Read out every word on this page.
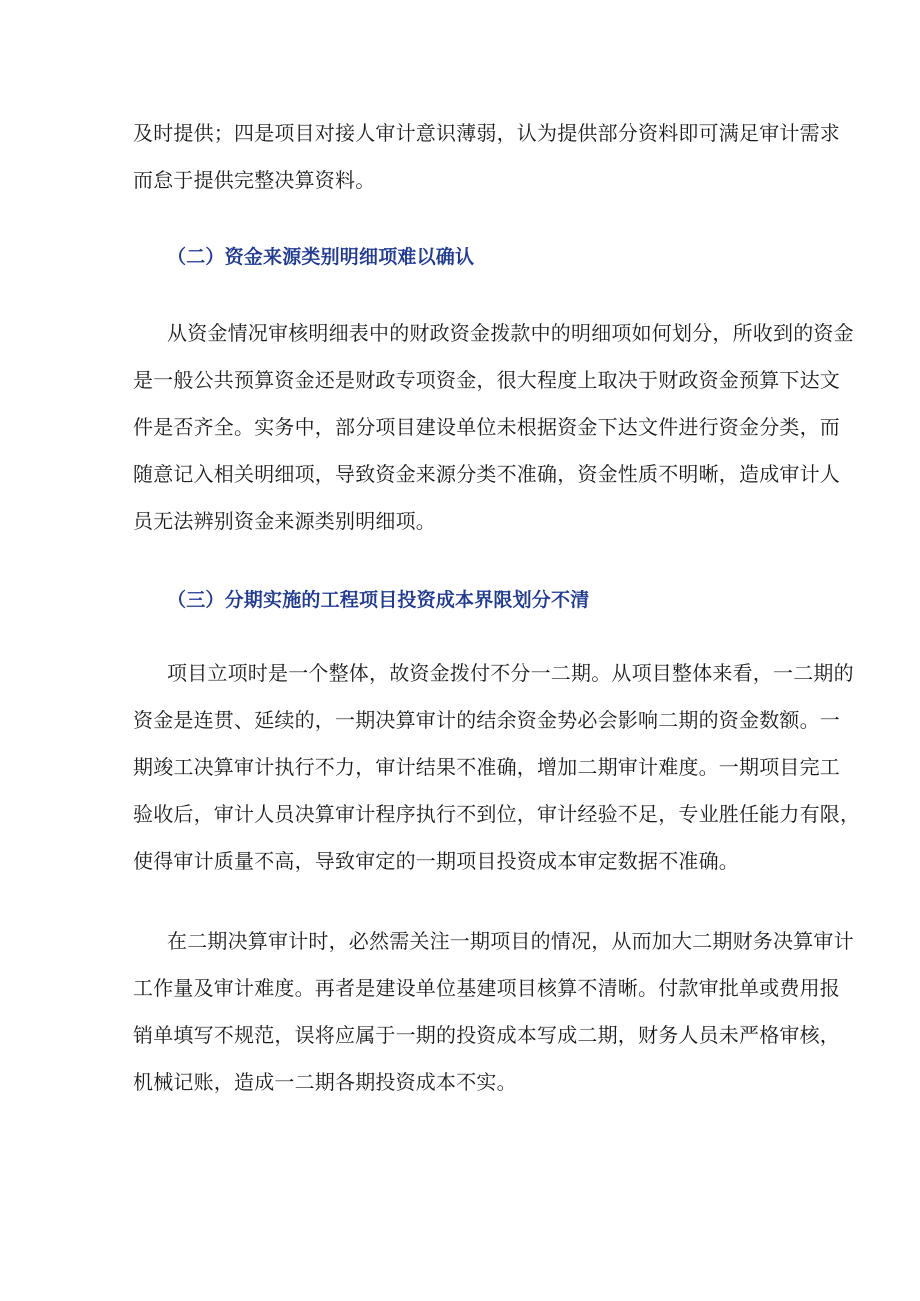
及时提供；四是项目对接人审计意识薄弱，认为提供部分资料即可满足审计需求
而怠于提供完整决算资料。
（二）资金来源类别明细项难以确认
从资金情况审核明细表中的财政资金拨款中的明细项如何划分，所收到的资金
是一般公共预算资金还是财政专项资金，很大程度上取决于财政资金预算下达文
件是否齐全。实务中，部分项目建设单位未根据资金下达文件进行资金分类，而
随意记入相关明细项，导致资金来源分类不准确，资金性质不明晰，造成审计人
员无法辨别资金来源类别明细项。
（三）分期实施的工程项目投资成本界限划分不清
项目立项时是一个整体，故资金拨付不分一二期。从项目整体来看，一二期的
资金是连贯、延续的，一期决算审计的结余资金势必会影响二期的资金数额。一
期竣工决算审计执行不力，审计结果不准确，增加二期审计难度。一期项目完工
验收后，审计人员决算审计程序执行不到位，审计经验不足，专业胜任能力有限，
使得审计质量不高，导致审定的一期项目投资成本审定数据不准确。
在二期决算审计时，必然需关注一期项目的情况，从而加大二期财务决算审计
工作量及审计难度。再者是建设单位基建项目核算不清晰。付款审批单或费用报
销单填写不规范，误将应属于一期的投资成本写成二期，财务人员未严格审核，
机械记账，造成一二期各期投资成本不实。
